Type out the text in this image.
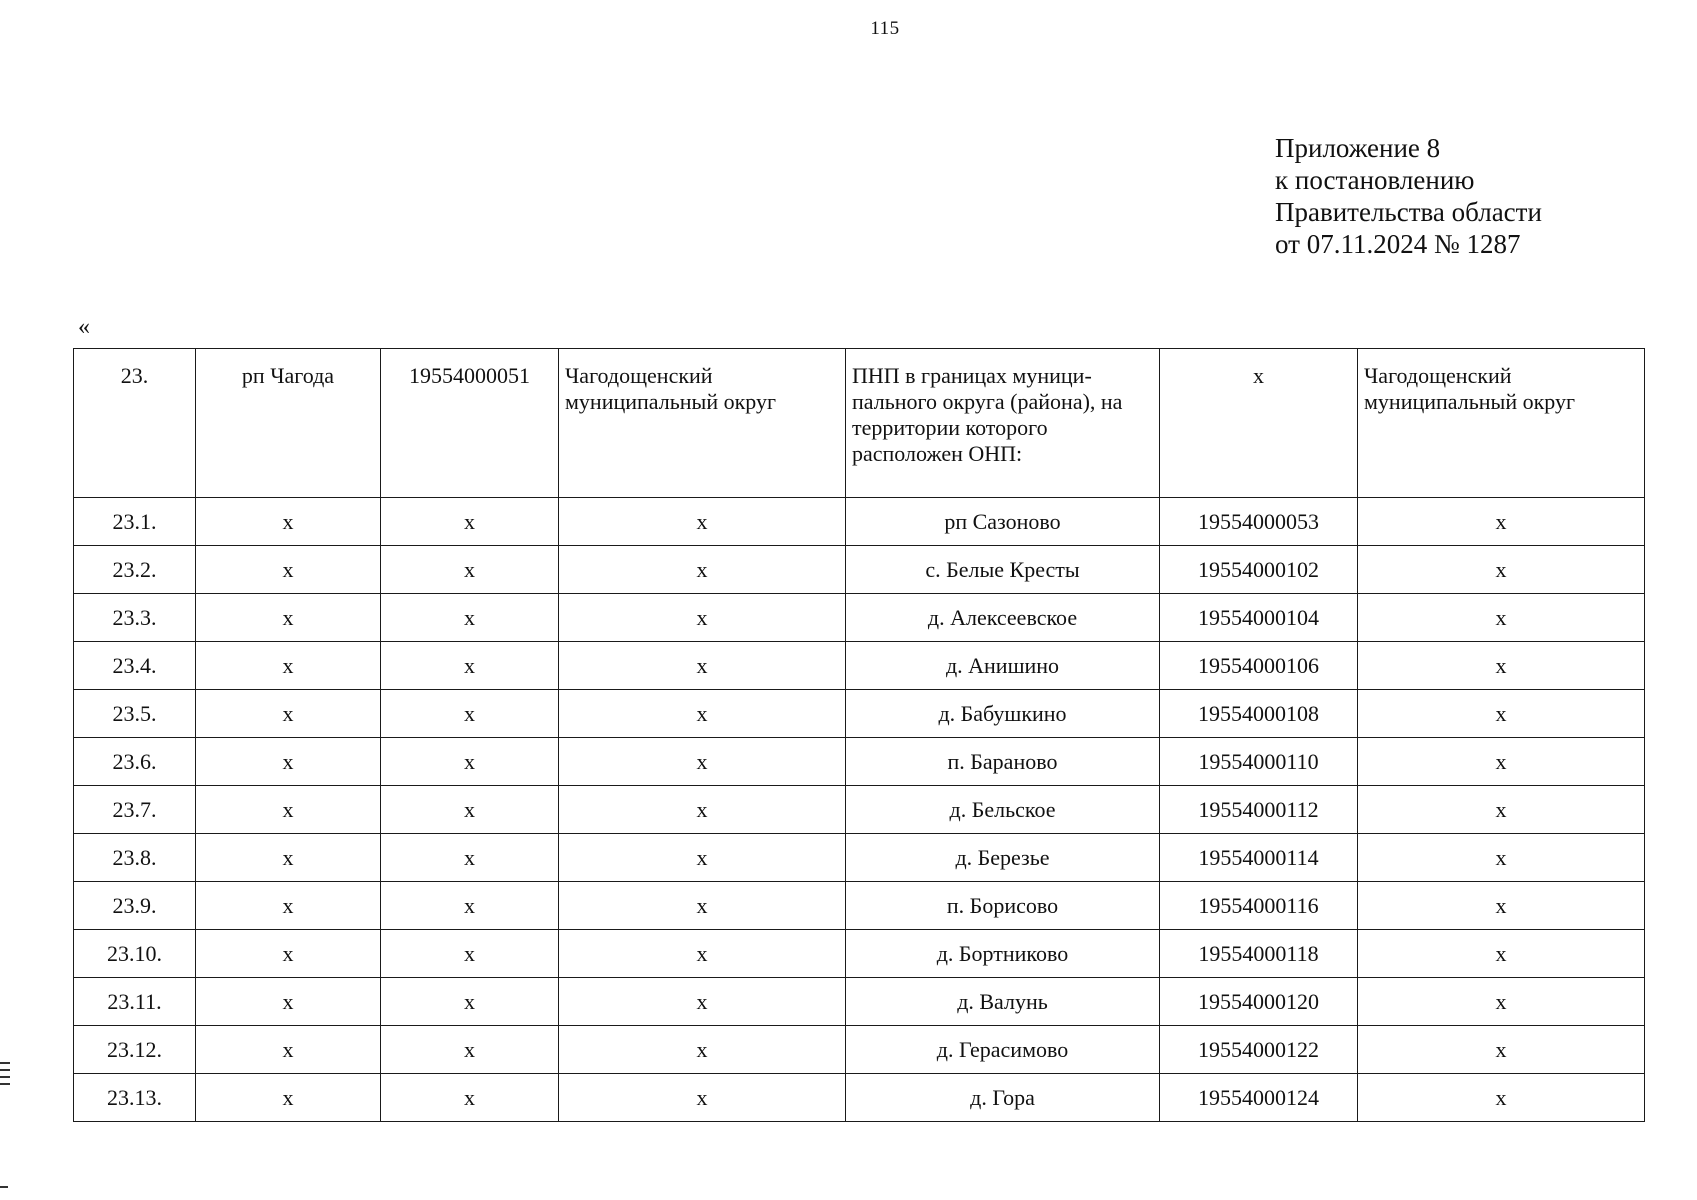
115
Приложение 8
к постановлению
Правительства области
от 07.11.2024 № 1287
«
23.	рп Чагода	19554000051	Чагодощенский муниципальный округ	ПНП в границах муници-пального округа (района), на территории которого расположен ОНП:	х	Чагодощенский муниципальный округ
23.1.	х	х	х	рп Сазоново	19554000053	х
23.2.	х	х	х	с. Белые Кресты	19554000102	х
23.3.	х	х	х	д. Алексеевское	19554000104	х
23.4.	х	х	х	д. Анишино	19554000106	х
23.5.	х	х	х	д. Бабушкино	19554000108	х
23.6.	х	х	х	п. Бараново	19554000110	х
23.7.	х	х	х	д. Бельское	19554000112	х
23.8.	х	х	х	д. Березье	19554000114	х
23.9.	х	х	х	п. Борисово	19554000116	х
23.10.	х	х	х	д. Бортниково	19554000118	х
23.11.	х	х	х	д. Валунь	19554000120	х
23.12.	х	х	х	д. Герасимово	19554000122	х
23.13.	х	х	х	д. Гора	19554000124	х
